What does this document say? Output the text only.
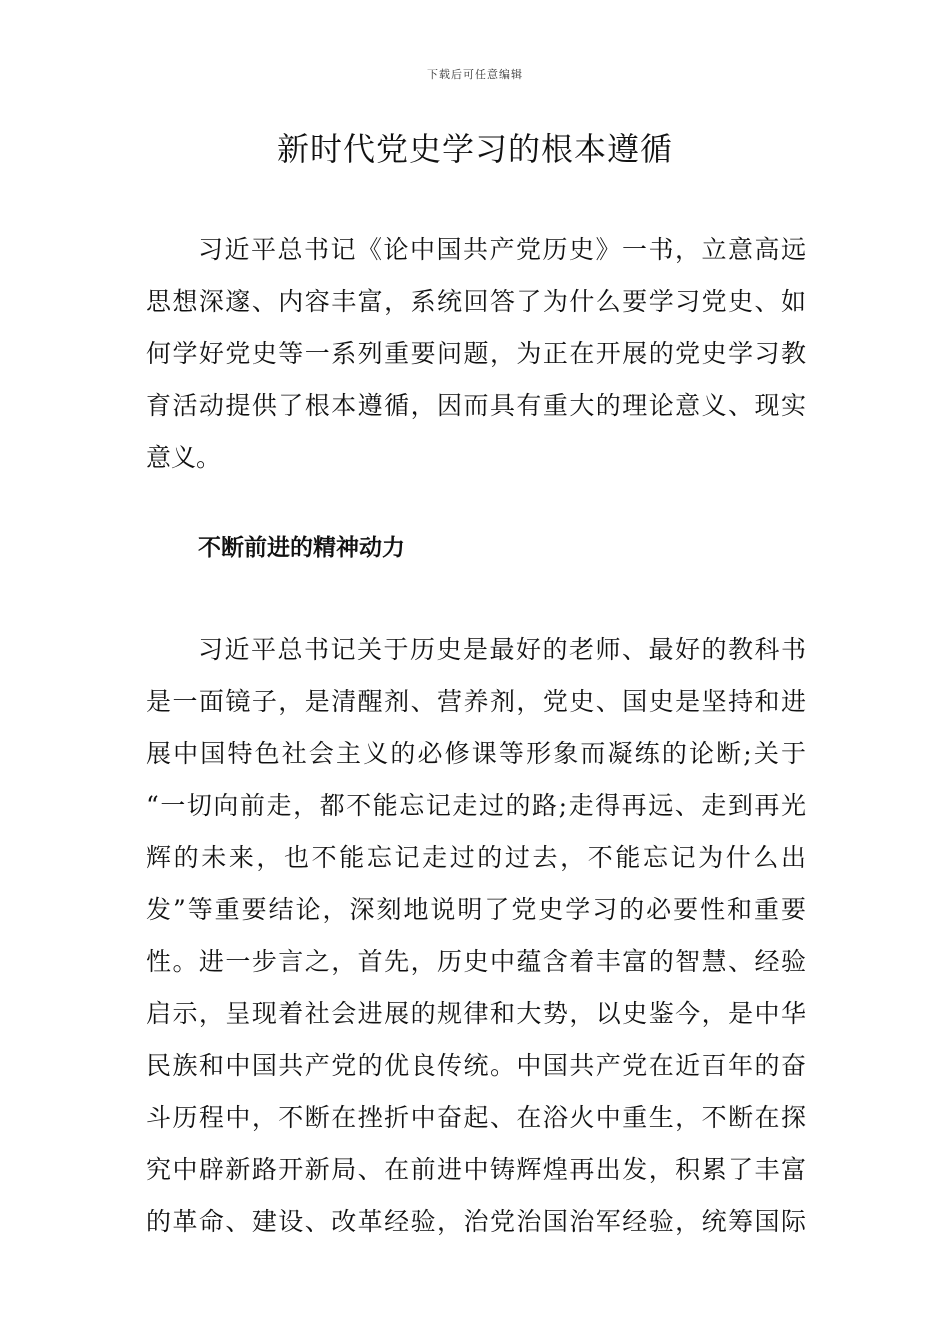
下载后可任意编辑
新时代党史学习的根本遵循
习近平总书记《论中国共产党历史》一书，立意高远
思想深邃、内容丰富，系统回答了为什么要学习党史、如
何学好党史等一系列重要问题，为正在开展的党史学习教
育活动提供了根本遵循，因而具有重大的理论意义、现实
意义。
不断前进的精神动力
习近平总书记关于历史是最好的老师、最好的教科书
是一面镜子，是清醒剂、营养剂，党史、国史是坚持和进
展中国特色社会主义的必修课等形象而凝练的论断;关于
“一切向前走，都不能忘记走过的路;走得再远、走到再光
辉的未来，也不能忘记走过的过去，不能忘记为什么出
发”等重要结论，深刻地说明了党史学习的必要性和重要
性。进一步言之，首先，历史中蕴含着丰富的智慧、经验
启示，呈现着社会进展的规律和大势，以史鉴今，是中华
民族和中国共产党的优良传统。中国共产党在近百年的奋
斗历程中，不断在挫折中奋起、在浴火中重生，不断在探
究中辟新路开新局、在前进中铸辉煌再出发，积累了丰富
的革命、建设、改革经验，治党治国治军经验，统筹国际
